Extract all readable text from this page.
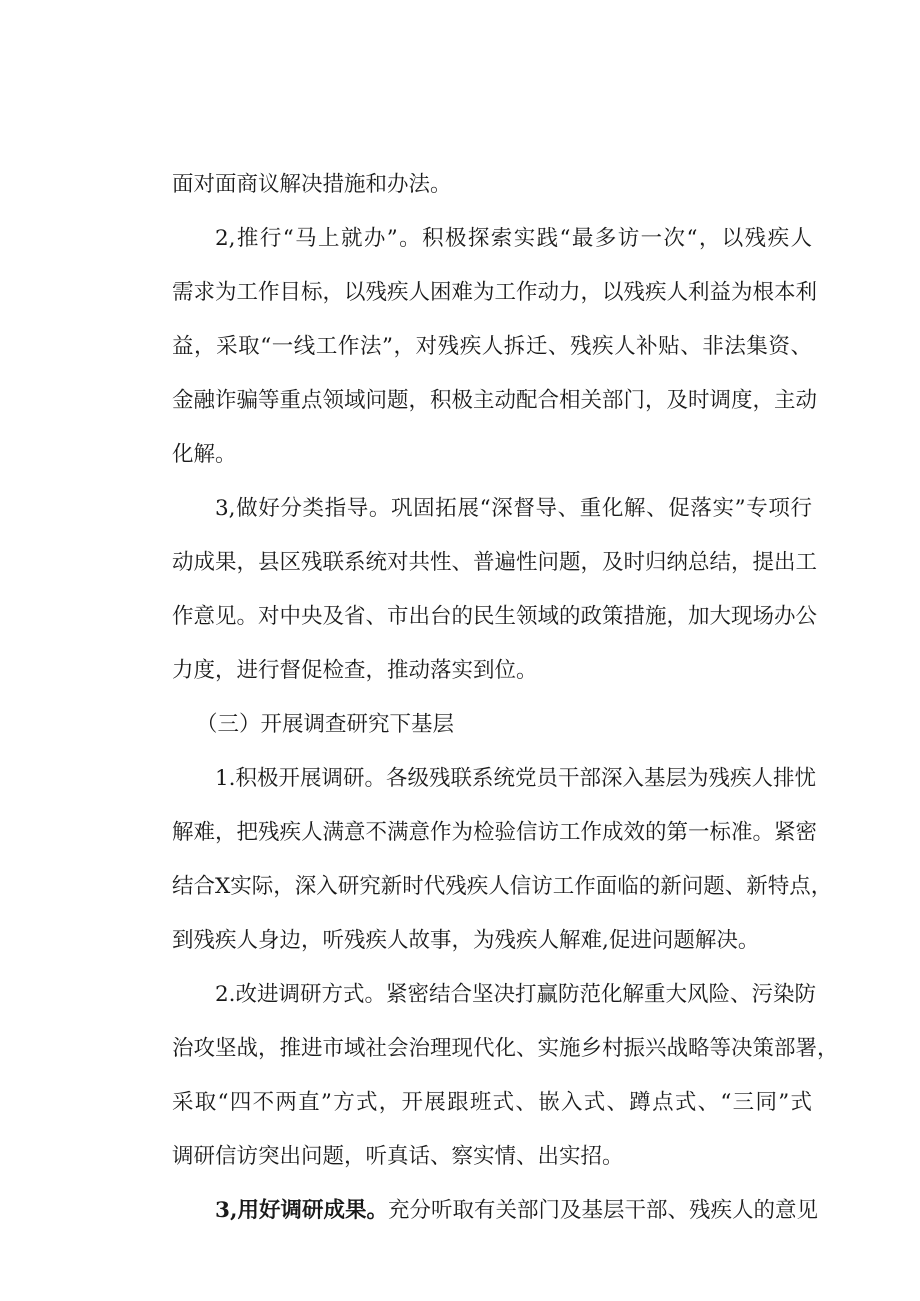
面对面商议解决措施和办法。
2,推行“马上就办”。积极探索实践“最多访一次“，以残疾人
需求为工作目标，以残疾人困难为工作动力，以残疾人利益为根本利
益，采取“一线工作法”，对残疾人拆迁、残疾人补贴、非法集资、
金融诈骗等重点领域问题，积极主动配合相关部门，及时调度，主动
化解。
3,做好分类指导。巩固拓展“深督导、重化解、促落实”专项行
动成果，县区残联系统对共性、普遍性问题，及时归纳总结，提出工
作意见。对中央及省、市出台的民生领域的政策措施，加大现场办公
力度，进行督促检查，推动落实到位。
（三）开展调查研究下基层
1.积极开展调研。各级残联系统党员干部深入基层为残疾人排忧
解难，把残疾人满意不满意作为检验信访工作成效的第一标准。紧密
结合X实际，深入研究新时代残疾人信访工作面临的新问题、新特点，
到残疾人身边，听残疾人故事，为残疾人解难,促进问题解决。
2.改进调研方式。紧密结合坚决打赢防范化解重大风险、污染防
治攻坚战，推进市域社会治理现代化、实施乡村振兴战略等决策部署，
采取“四不两直”方式，开展跟班式、嵌入式、蹲点式、“三同”式
调研信访突出问题，听真话、察实情、出实招。
3,用好调研成果。充分听取有关部门及基层干部、残疾人的意见
